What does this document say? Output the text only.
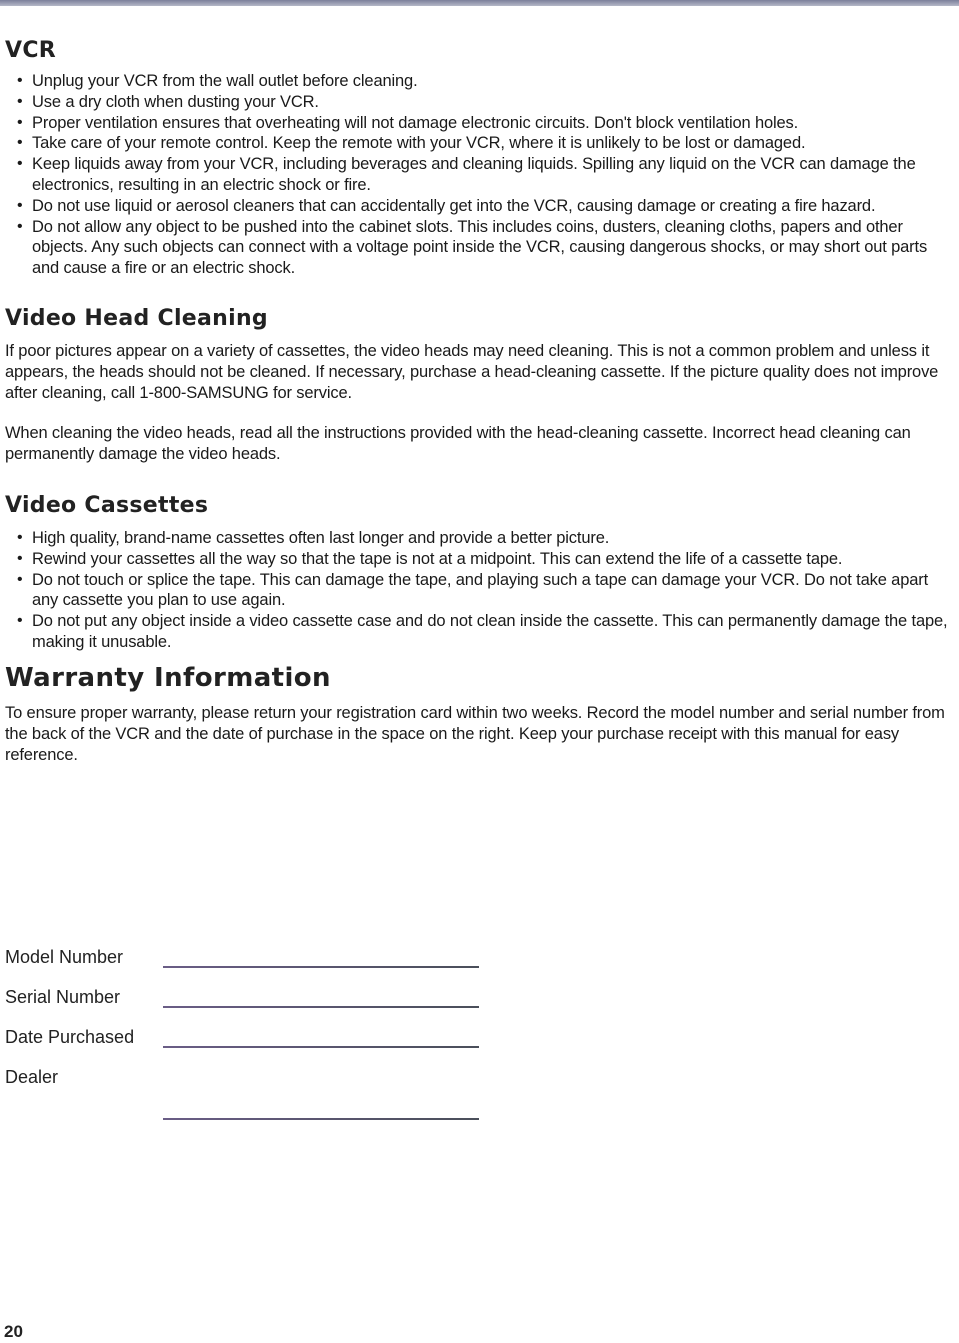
VCR
• Unplug your VCR from the wall outlet before cleaning.
• Use a dry cloth when dusting your VCR.
• Proper ventilation ensures that overheating will not damage electronic circuits. Don't block ventilation holes.
• Take care of your remote control. Keep the remote with your VCR, where it is unlikely to be lost or damaged.
• Keep liquids away from your VCR, including beverages and cleaning liquids. Spilling any liquid on the VCR can damage the electronics, resulting in an electric shock or fire.
• Do not use liquid or aerosol cleaners that can accidentally get into the VCR, causing damage or creating a fire hazard.
• Do not allow any object to be pushed into the cabinet slots. This includes coins, dusters, cleaning cloths, papers and other objects. Any such objects can connect with a voltage point inside the VCR, causing dangerous shocks, or may short out parts and cause a fire or an electric shock.
Video Head Cleaning

If poor pictures appear on a variety of cassettes, the video heads may need cleaning. This is not a common problem and unless it appears, the heads should not be cleaned. If necessary, purchase a head-cleaning cassette. If the picture quality does not improve after cleaning, call 1-800-SAMSUNG for service.

When cleaning the video heads, read all the instructions provided with the head-cleaning cassette. Incorrect head cleaning can permanently damage the video heads.

Video Cassettes
• High quality, brand-name cassettes often last longer and provide a better picture.
• Rewind your cassettes all the way so that the tape is not at a midpoint. This can extend the life of a cassette tape.
• Do not touch or splice the tape. This can damage the tape, and playing such a tape can damage your VCR. Do not take apart any cassette you plan to use again.
• Do not put any object inside a video cassette case and do not clean inside the cassette. This can permanently damage the tape, making it unusable.
Warranty Information

To ensure proper warranty, please return your registration card within two weeks. Record the model number and serial number from the back of the VCR and the date of purchase in the space on the right. Keep your purchase receipt with this manual for easy reference.

Model Number
Serial Number
Date Purchased
Dealer
20
